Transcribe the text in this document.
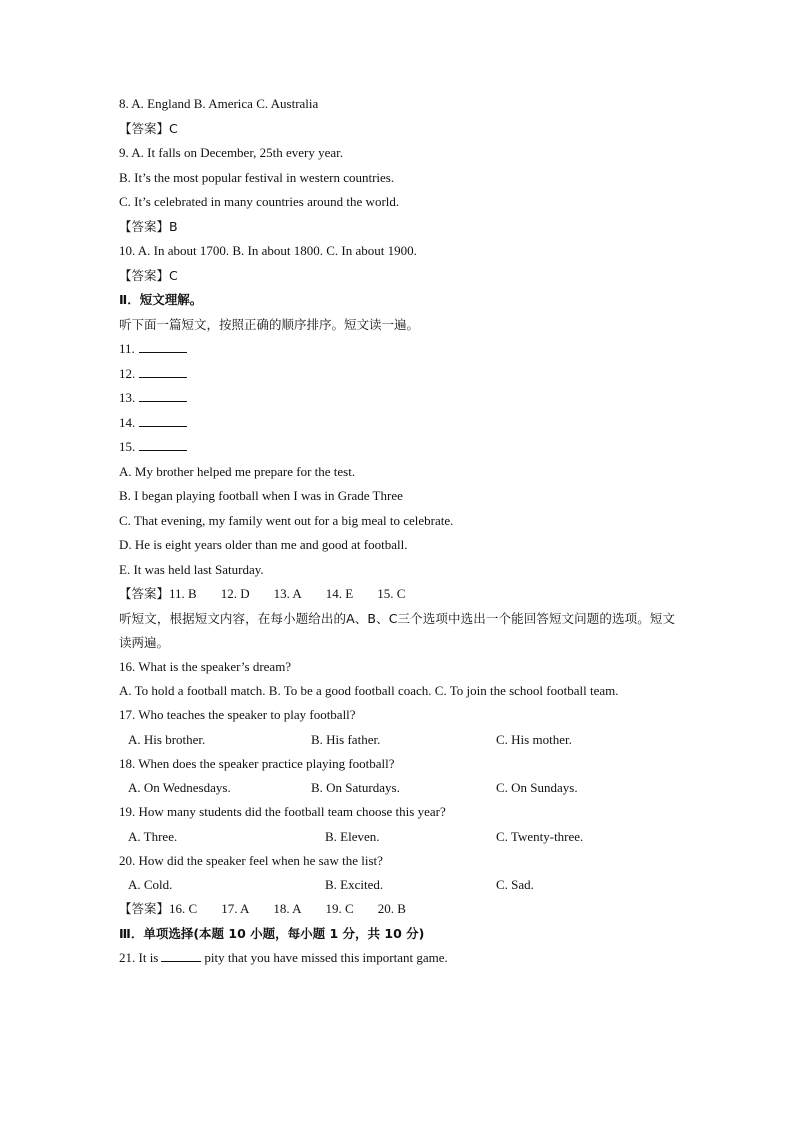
8. A. England B. America C. Australia
【答案】C
9. A. It falls on December, 25th every year.
B. It’s the most popular festival in western countries.
C. It’s celebrated in many countries around the world.
【答案】B
10. A. In about 1700. B. In about 1800. C. In about 1900.
【答案】C
Ⅱ．短文理解。
听下面一篇短文，按照正确的顺序排序。短文读一遍。
11.
12.
13.
14.
15.
A. My brother helped me prepare for the test.
B. I began playing football when I was in Grade Three
C. That evening, my family went out for a big meal to celebrate.
D. He is eight years older than me and good at football.
E. It was held last Saturday.
【答案】11. B 12. D 13. A 14. E 15. C
听短文，根据短文内容，在每小题给出的A、B、C三个选项中选出一个能回答短文问题的选项。短文读两遍。
16. What is the speaker’s dream?
A. To hold a football match. B. To be a good football coach. C. To join the school football team.
17. Who teaches the speaker to play football?
A. His brother.	B. His father.	C. His mother.
18. When does the speaker practice playing football?
A. On Wednesdays.	B. On Saturdays.	C. On Sundays.
19. How many students did the football team choose this year?
A. Three.	B. Eleven.	C. Twenty-three.
20. How did the speaker feel when he saw the list?
A. Cold.	B. Excited.	C. Sad.
【答案】16. C 17. A 18. A 19. C 20. B
Ⅲ．单项选择(本题 10 小题，每小题 1 分，共 10 分)
21. It is	pity that you have missed this important game.
